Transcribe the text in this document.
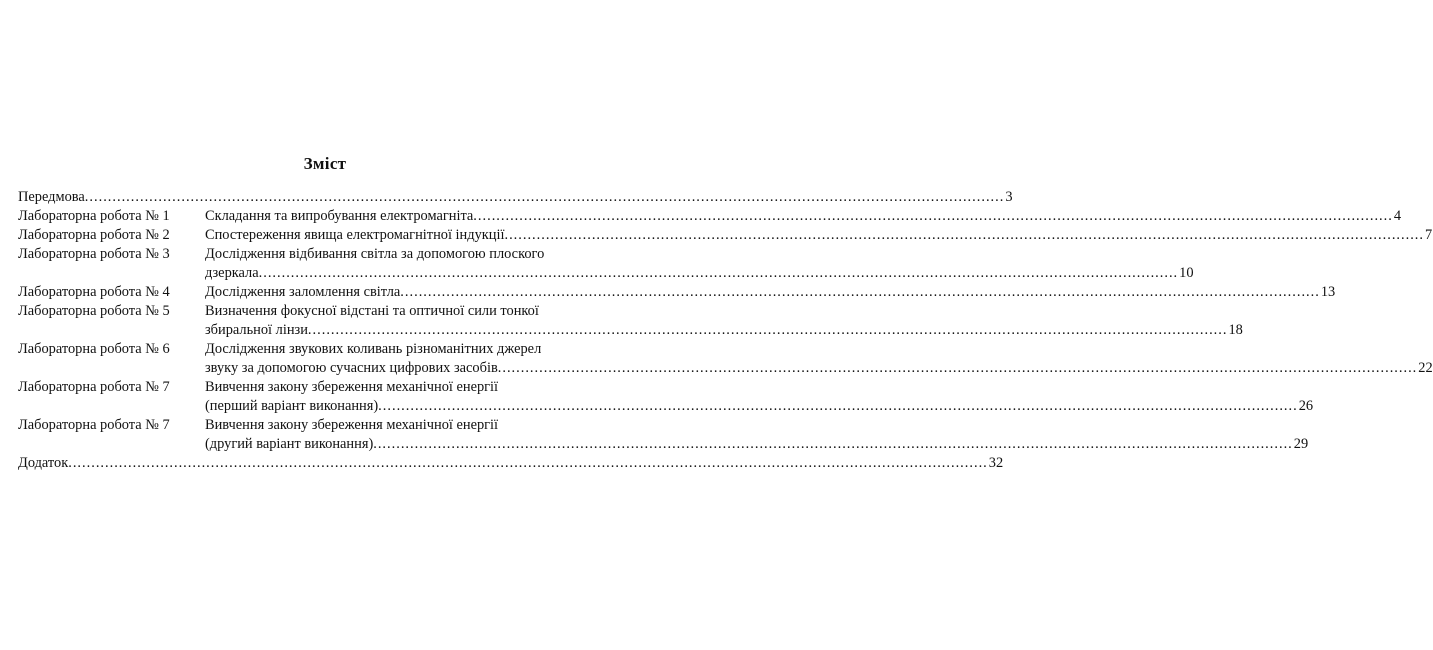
Зміст
Передмова ........................................................................................................................................................................................................ 3
Лабораторна робота № 1 Складання та випробування електромагніта ........................................................................................................................................................................................................ 4
Лабораторна робота № 2 Спостереження явища електромагнітної індукції ........................................................................................................................................................................................................ 7
Лабораторна робота № 3 Дослідження відбивання світла за допомогою плоского
дзеркала ........................................................................................................................................................................................................ 10
Лабораторна робота № 4 Дослідження заломлення світла ........................................................................................................................................................................................................ 13
Лабораторна робота № 5 Визначення фокусної відстані та оптичної сили тонкої
збиральної лінзи ........................................................................................................................................................................................................ 18
Лабораторна робота № 6 Дослідження звукових коливань різноманітних джерел
звуку за допомогою сучасних цифрових засобів ........................................................................................................................................................................................................ 22
Лабораторна робота № 7 Вивчення закону збереження механічної енергії
(перший варіант виконання) ........................................................................................................................................................................................................ 26
Лабораторна робота № 7 Вивчення закону збереження механічної енергії
(другий варіант виконання) ........................................................................................................................................................................................................ 29
Додаток ........................................................................................................................................................................................................ 32
